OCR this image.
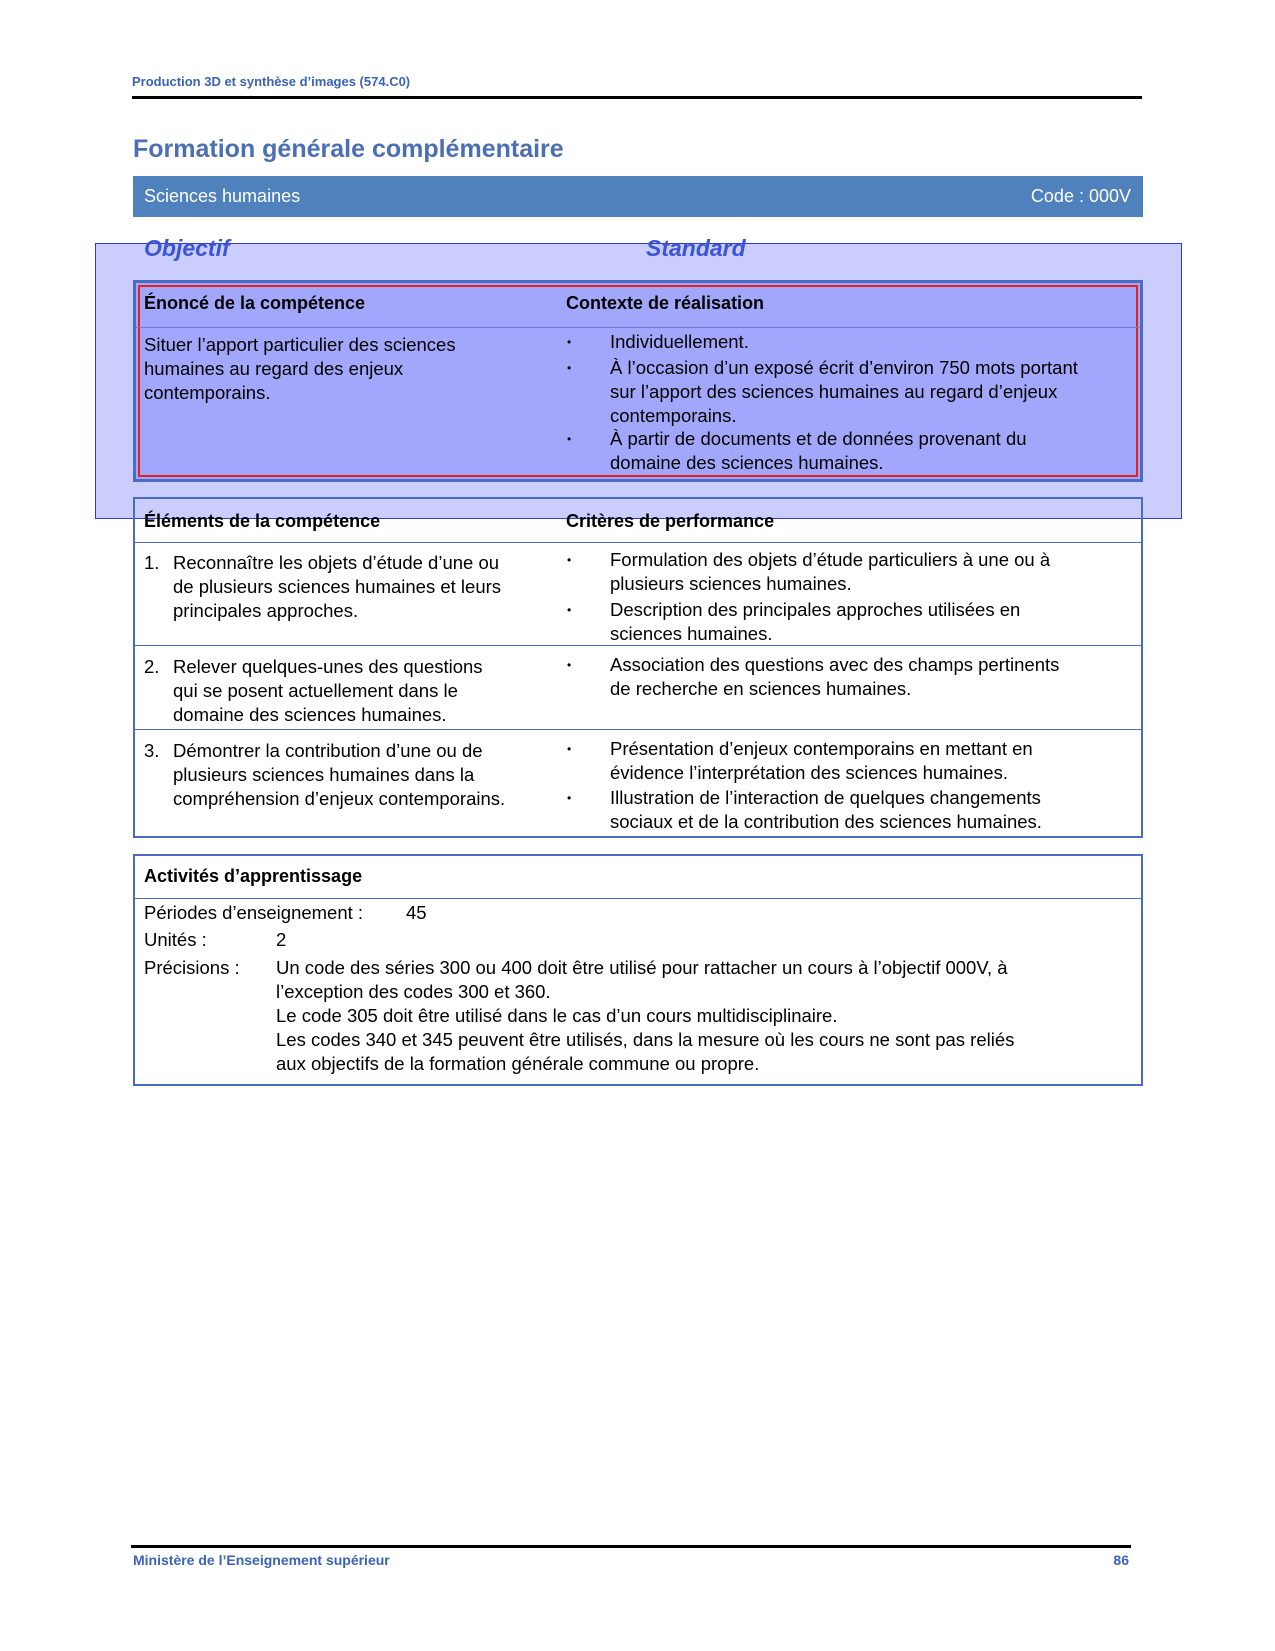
Production 3D et synthèse d’images (574.C0)
Formation générale complémentaire
Sciences humaines	Code : 000V
Objectif	Standard
Énoncé de la compétence	Contexte de réalisation
Situer l’apport particulier des sciences
humaines au regard des enjeux
contemporains.
• Individuellement.
• À l’occasion d’un exposé écrit d’environ 750 mots portant
sur l’apport des sciences humaines au regard d’enjeux
contemporains.
• À partir de documents et de données provenant du
domaine des sciences humaines.
Éléments de la compétence	Critères de performance
1. Reconnaître les objets d’étude d’une ou
de plusieurs sciences humaines et leurs
principales approches.
• Formulation des objets d’étude particuliers à une ou à
plusieurs sciences humaines.
• Description des principales approches utilisées en
sciences humaines.
2. Relever quelques-unes des questions
qui se posent actuellement dans le
domaine des sciences humaines.
• Association des questions avec des champs pertinents
de recherche en sciences humaines.
3. Démontrer la contribution d’une ou de
plusieurs sciences humaines dans la
compréhension d’enjeux contemporains.
• Présentation d’enjeux contemporains en mettant en
évidence l’interprétation des sciences humaines.
• Illustration de l’interaction de quelques changements
sociaux et de la contribution des sciences humaines.
Activités d’apprentissage
Périodes d’enseignement : 45
Unités :	2
Précisions : Un code des séries 300 ou 400 doit être utilisé pour rattacher un cours à l’objectif 000V, à
l’exception des codes 300 et 360.
Le code 305 doit être utilisé dans le cas d’un cours multidisciplinaire.
Les codes 340 et 345 peuvent être utilisés, dans la mesure où les cours ne sont pas reliés
aux objectifs de la formation générale commune ou propre.
Ministère de l’Enseignement supérieur	86
